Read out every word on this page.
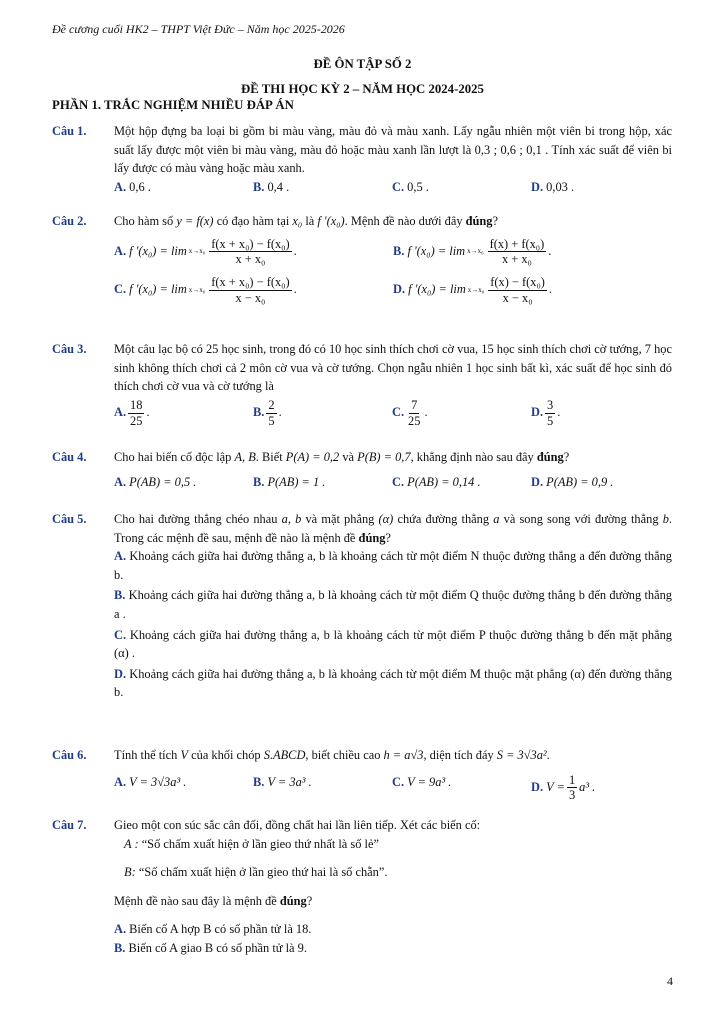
Đề cương cuối HK2 – THPT Việt Đức – Năm học 2025-2026
ĐỀ ÔN TẬP SỐ 2
ĐỀ THI HỌC KỲ 2 – NĂM HỌC 2024-2025
PHẦN 1. TRẮC NGHIỆM NHIỀU ĐÁP ÁN
Câu 1. Một hộp đựng ba loại bi gồm bi màu vàng, màu đỏ và màu xanh. Lấy ngẫu nhiên một viên bi trong hộp, xác suất lấy được một viên bi màu vàng, màu đỏ hoặc màu xanh lần lượt là 0,3 ; 0,6 ; 0,1 . Tính xác suất để viên bi lấy được có màu vàng hoặc màu xanh.
A. 0,6 .	B. 0,4 .	C. 0,5 .	D. 0,03 .
Câu 2. Cho hàm số y = f(x) có đạo hàm tại x₀ là f '(x₀). Mệnh đề nào dưới đây đúng?
A. f '$(x_0) = \lim x\to x_0 \frac{\text{f(x + x₀) − f(x₀)}}{\text{x + x₀}}$ .	B. f '$(x_0) = \lim x\to x_0 \frac{\text{f(x) + f(x₀)}}{\text{x + x₀}}$ .
C. f '$(x_0) = \lim x\to x_0 \frac{\text{f(x + x₀) − f(x₀)}}{\text{x − x₀}}$ .	D. f '$(x_0) = \lim x\to x_0 \frac{\text{f(x) − f(x₀)}}{\text{x − x₀}}$ .
Câu 3. Một câu lạc bộ có 25 học sinh, trong đó có 10 học sinh thích chơi cờ vua, 15 học sinh thích chơi cờ tướng, 7 học sinh không thích chơi cả 2 môn cờ vua và cờ tướng. Chọn ngẫu nhiên 1 học sinh bất kì, xác suất để học sinh đó thích chơi cờ vua và cờ tướng là
A. $\frac{18}{25}$ .	B. $\frac{2}{5}$ .	C. $\frac{7}{25}$ .	D. $\frac{3}{5}$ .
Câu 4. Cho hai biến cố độc lập A, B. Biết P(A) = 0,2 và P(B) = 0,7, khẳng định nào sau đây đúng?
A. P(AB) = 0,5 .	B. P(AB) = 1 .	C. P(AB) = 0,14 .	D. P(AB) = 0,9 .
Câu 5. Cho hai đường thẳng chéo nhau a, b và mặt phẳng (α) chứa đường thẳng a và song song với đường thẳng b. Trong các mệnh đề sau, mệnh đề nào là mệnh đề đúng?
A. Khoảng cách giữa hai đường thẳng a, b là khoảng cách từ một điểm N thuộc đường thẳng a đến đường thẳng b.
B. Khoảng cách giữa hai đường thẳng a, b là khoảng cách từ một điểm Q thuộc đường thẳng b đến đường thẳng a .
C. Khoảng cách giữa hai đường thẳng a, b là khoảng cách từ một điểm P thuộc đường thẳng b đến mặt phẳng (α) .
D. Khoảng cách giữa hai đường thẳng a, b là khoảng cách từ một điểm M thuộc mặt phẳng (α) đến đường thẳng b.
Câu 6. Tính thể tích V của khối chóp S.ABCD, biết chiều cao h = a√3, diện tích đáy S = 3√3a².
A. V = 3√3a³ .	B. V = 3a³ .	C. V = 9a³ .	D. $V = \frac{1}{3} a^3$ .
Câu 7. Gieo một con súc sắc cân đối, đồng chất hai lần liên tiếp. Xét các biến cố:
A : “Số chấm xuất hiện ở lần gieo thứ nhất là số lẻ”
B: “Số chấm xuất hiện ở lần gieo thứ hai là số chẵn”.
Mệnh đề nào sau đây là mệnh đề đúng?
A. Biến cố A hợp B có số phần tử là 18.
B. Biến cố A giao B có số phần tử là 9.
4
